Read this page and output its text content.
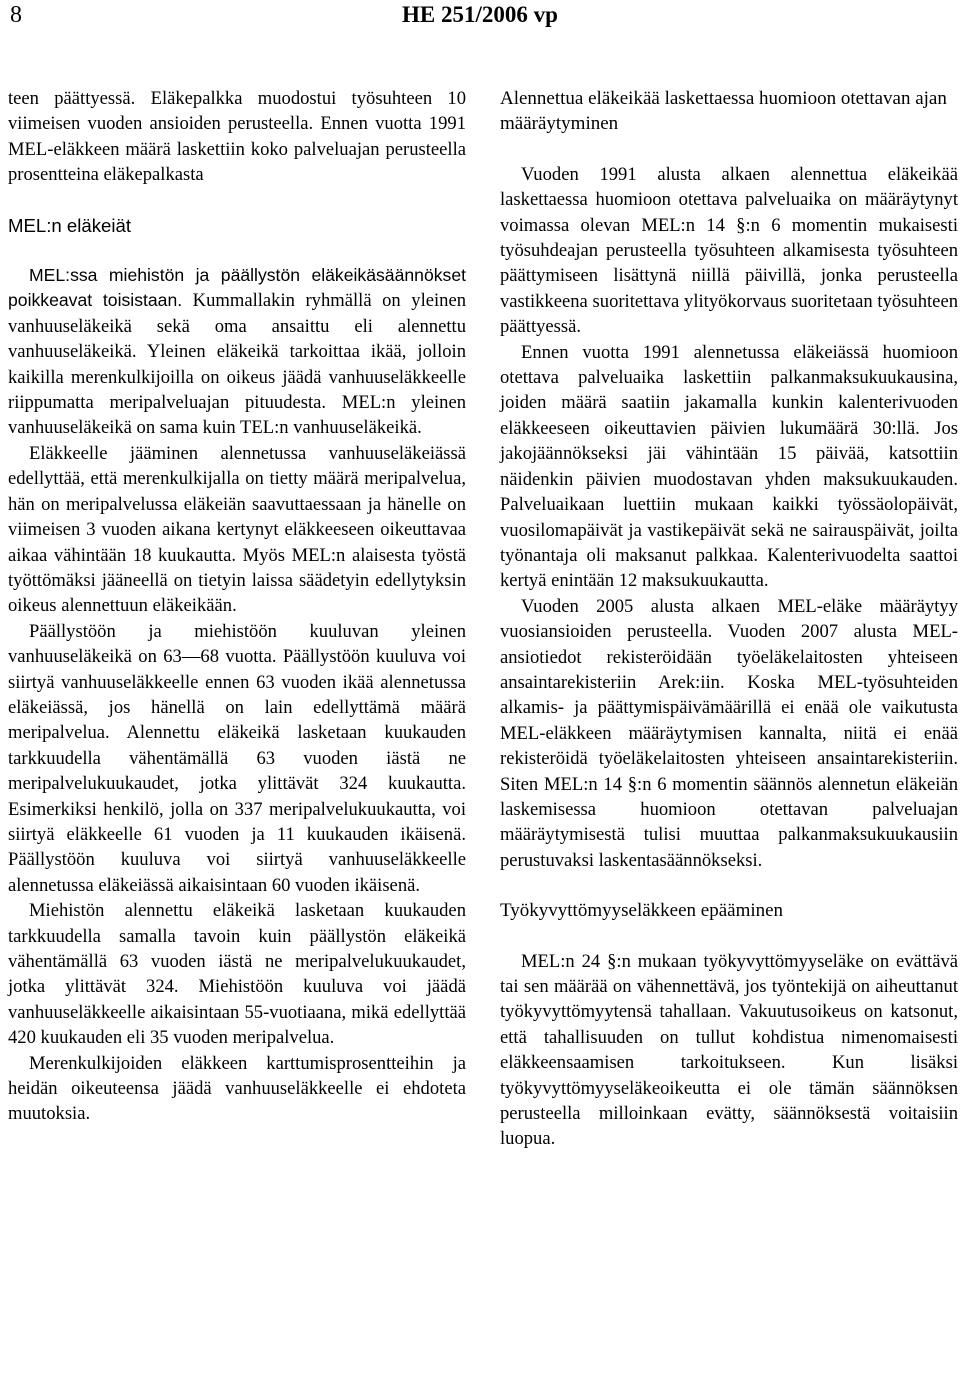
8	HE 251/2006 vp

teen päättyessä. Eläkepalkka muodostui työsuhteen 10 viimeisen vuoden ansioiden perusteella. Ennen vuotta 1991 MEL-eläkkeen määrä laskettiin koko palveluajan perusteella prosentteina eläkepalkasta

MEL:n eläkeiät

MEL:ssa miehistön ja päällystön eläkeikäsäännökset poikkeavat toisistaan. Kummallakin ryhmällä on yleinen vanhuuseläkeikä sekä oma ansaittu eli alennettu vanhuuseläkeikä. Yleinen eläkeikä tarkoittaa ikää, jolloin kaikilla merenkulkijoilla on oikeus jäädä vanhuuseläkkeelle riippumatta meripalveluajan pituudesta. MEL:n yleinen vanhuuseläkeikä on sama kuin TEL:n vanhuuseläkeikä.

Eläkkeelle jääminen alennetussa vanhuuseläkeiässä edellyttää, että merenkulkijalla on tietty määrä meripalvelua, hän on meripalvelussa eläkeiän saavuttaessaan ja hänelle on viimeisen 3 vuoden aikana kertynyt eläkkeeseen oikeuttavaa aikaa vähintään 18 kuukautta. Myös MEL:n alaisesta työstä työttömäksi jääneellä on tietyin laissa säädetyin edellytyksin oikeus alennettuun eläkeikään.

Päällystöön ja miehistöön kuuluvan yleinen vanhuuseläkeikä on 63—68 vuotta. Päällystöön kuuluva voi siirtyä vanhuuseläkkeelle ennen 63 vuoden ikää alennetussa eläkeiässä, jos hänellä on lain edellyttämä määrä meripalvelua. Alennettu eläkeikä lasketaan kuukauden tarkkuudella vähentämällä 63 vuoden iästä ne meripalvelukuukaudet, jotka ylittävät 324 kuukautta. Esimerkiksi henkilö, jolla on 337 meripalvelukuukautta, voi siirtyä eläkkeelle 61 vuoden ja 11 kuukauden ikäisenä. Päällystöön kuuluva voi siirtyä vanhuuseläkkeelle alennetussa eläkeiässä aikaisintaan 60 vuoden ikäisenä.

Miehistön alennettu eläkeikä lasketaan kuukauden tarkkuudella samalla tavoin kuin päällystön eläkeikä vähentämällä 63 vuoden iästä ne meripalvelukuukaudet, jotka ylittävät 324. Miehistöön kuuluva voi jäädä vanhuuseläkkeelle aikaisintaan 55-vuotiaana, mikä edellyttää 420 kuukauden eli 35 vuoden meripalvelua.

Merenkulkijoiden eläkkeen karttumisprosentteihin ja heidän oikeuteensa jäädä vanhuuseläkkeelle ei ehdoteta muutoksia.

Alennettua eläkeikää laskettaessa huomioon otettavan ajan määräytyminen

Vuoden 1991 alusta alkaen alennettua eläkeikää laskettaessa huomioon otettava palveluaika on määräytynyt voimassa olevan MEL:n 14 §:n 6 momentin mukaisesti työsuhdeajan perusteella työsuhteen alkamisesta työsuhteen päättymiseen lisättynä niillä päivillä, jonka perusteella vastikkeena suoritettava ylityökorvaus suoritetaan työsuhteen päättyessä.

Ennen vuotta 1991 alennetussa eläkeiässä huomioon otettava palveluaika laskettiin palkanmaksukuukausina, joiden määrä saatiin jakamalla kunkin kalenterivuoden eläkkeeseen oikeuttavien päivien lukumäärä 30:llä. Jos jakojäännökseksi jäi vähintään 15 päivää, katsottiin näidenkin päivien muodostavan yhden maksukuukauden. Palveluaikaan luettiin mukaan kaikki työssäolopäivät, vuosilomapäivät ja vastikepäivät sekä ne sairauspäivät, joilta työnantaja oli maksanut palkkaa. Kalenterivuodelta saattoi kertyä enintään 12 maksukuukautta.

Vuoden 2005 alusta alkaen MEL-eläke määräytyy vuosiansioiden perusteella. Vuoden 2007 alusta MEL-ansiotiedot rekisteröidään työeläkelaitosten yhteiseen ansaintarekisteriin Arek:iin. Koska MEL-työsuhteiden alkamis- ja päättymispäivämäärillä ei enää ole vaikutusta MEL-eläkkeen määräytymisen kannalta, niitä ei enää rekisteröidä työeläkelaitosten yhteiseen ansaintarekisteriin. Siten MEL:n 14 §:n 6 momentin säännös alennetun eläkeiän laskemisessa huomioon otettavan palveluajan määräytymisestä tulisi muuttaa palkanmaksukuukausiin perustuvaksi laskentasäännökseksi.

Työkyvyttömyyseläkkeen epääminen

MEL:n 24 §:n mukaan työkyvyttömyyseläke on evättävä tai sen määrää on vähennettävä, jos työntekijä on aiheuttanut työkyvyttömyytensä tahallaan. Vakuutusoikeus on katsonut, että tahallisuuden on tullut kohdistua nimenomaisesti eläkkeensaamisen tarkoitukseen. Kun lisäksi työkyvyttömyyseläkeoikeutta ei ole tämän säännöksen perusteella milloinkaan evätty, säännöksestä voitaisiin luopua.
